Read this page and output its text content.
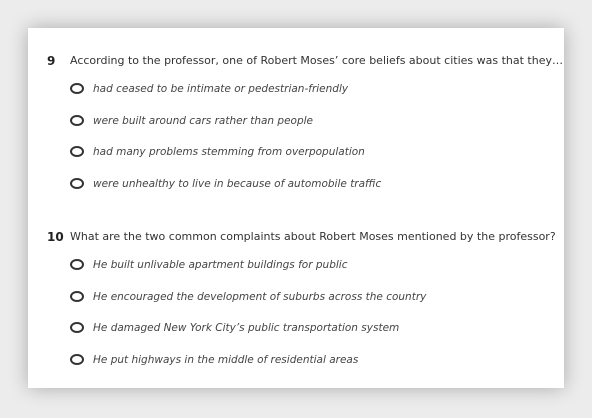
9 According to the professor, one of Robert Moses’ core beliefs about cities was that they…
had ceased to be intimate or pedestrian-friendly
were built around cars rather than people
had many problems stemming from overpopulation
were unhealthy to live in because of automobile traffic
10 What are the two common complaints about Robert Moses mentioned by the professor?
He built unlivable apartment buildings for public
He encouraged the development of suburbs across the country
He damaged New York City’s public transportation system
He put highways in the middle of residential areas
